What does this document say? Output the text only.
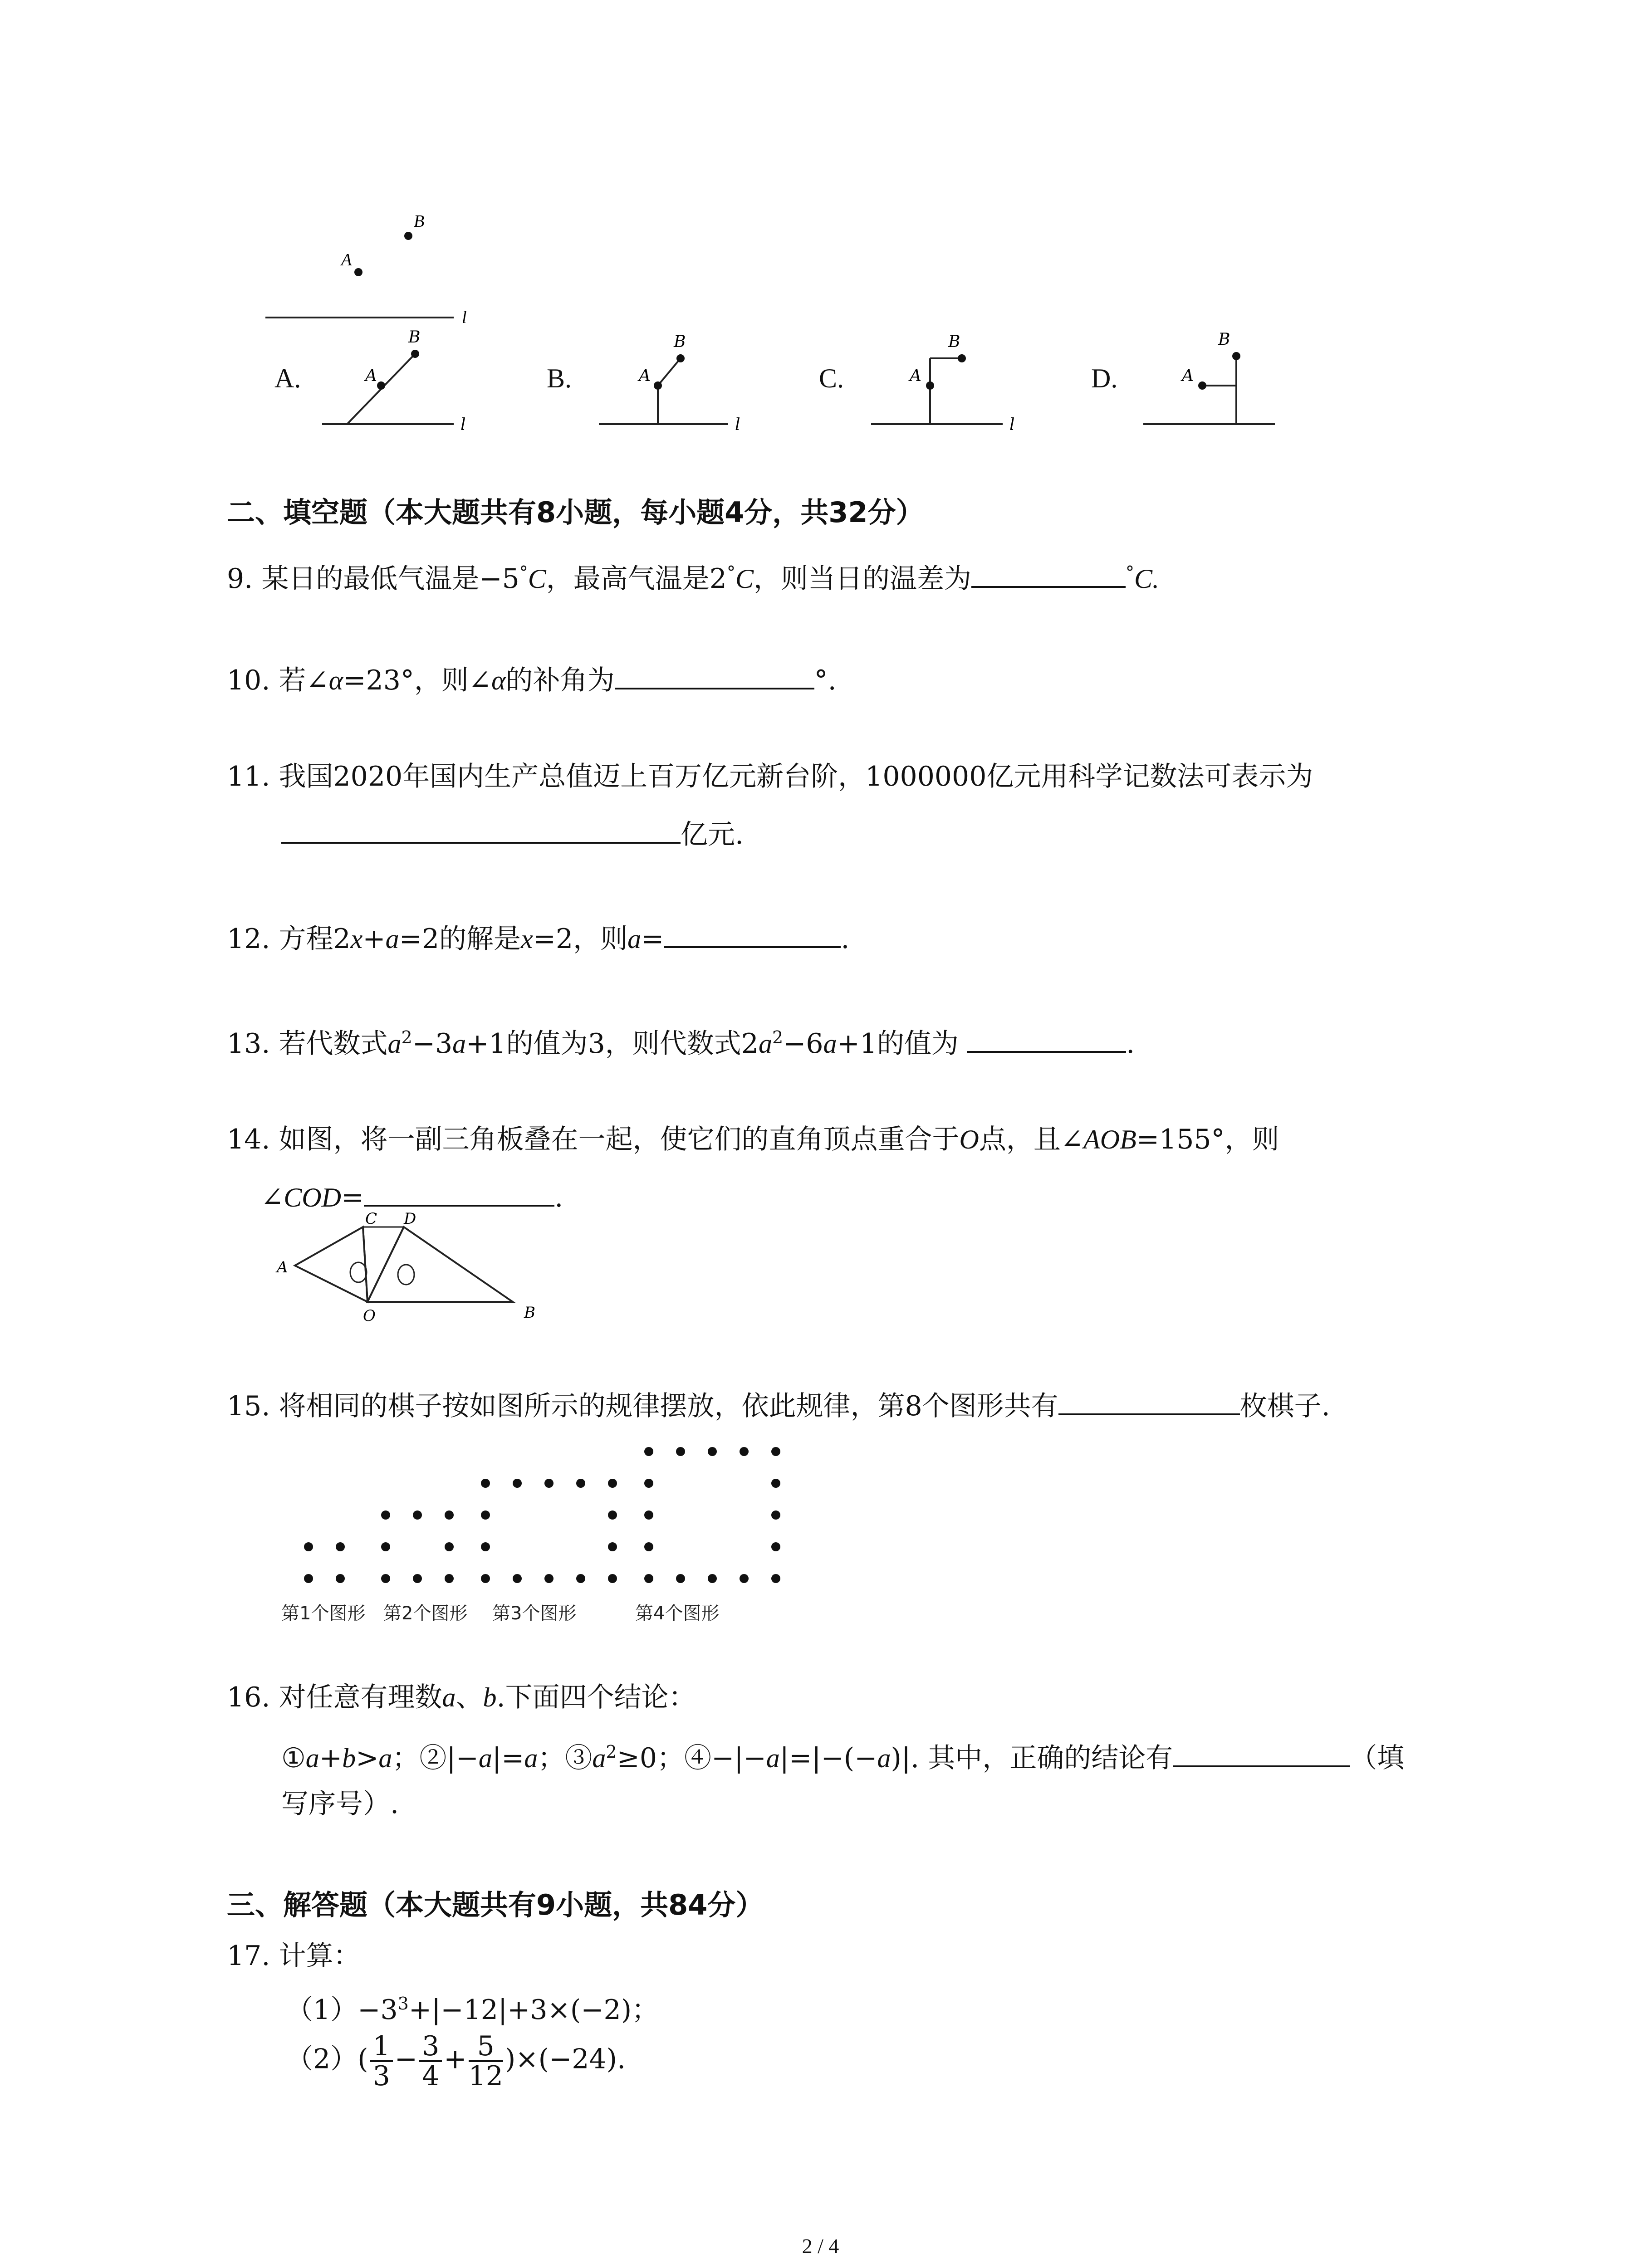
B
A
l
B
A
l
B
A
l
B
A
l
B
A
A.	B.	C.	D.
二、填空题（本大题共有8小题，每小题4分，共32分）
9. 某日的最低气温是−5°C，最高气温是2°C，则当日的温差为	°C.
10. 若∠α=23°，则∠α的补角为	°.
11. 我国2020年国内生产总值迈上百万亿元新台阶，1000000亿元用科学记数法可表示为
亿元.
12. 方程2x+a=2的解是x=2，则a=	.
13. 若代数式$a^2-3a+1$的值为3，则代数式$2a^2-6a+1$的值为	.
14. 如图，将一副三角板叠在一起，使它们的直角顶点重合于O点，且∠AOB=155°，则
∠COD=	.
A
B
C D
O
15. 将相同的棋子按如图所示的规律摆放，依此规律，第8个图形共有	枚棋子.
第1个图形 第2个图形 第3个图形	第4个图形
16. 对任意有理数a、b.下面四个结论：
①a+b>a；②|−a|=a；$③a^2\ge 0$；④−|−a|=|−(−a)|. 其中，正确的结论有	（填
写序号）.
三、解答题（本大题共有9小题，共84分）
17. 计算：
$(1)-3^3+|-12|+3\times(-2)$；
$(2)( \frac{1}{3} - \frac{3}{4} + \frac{5}{12} )\times(-24)$.
2 / 4
